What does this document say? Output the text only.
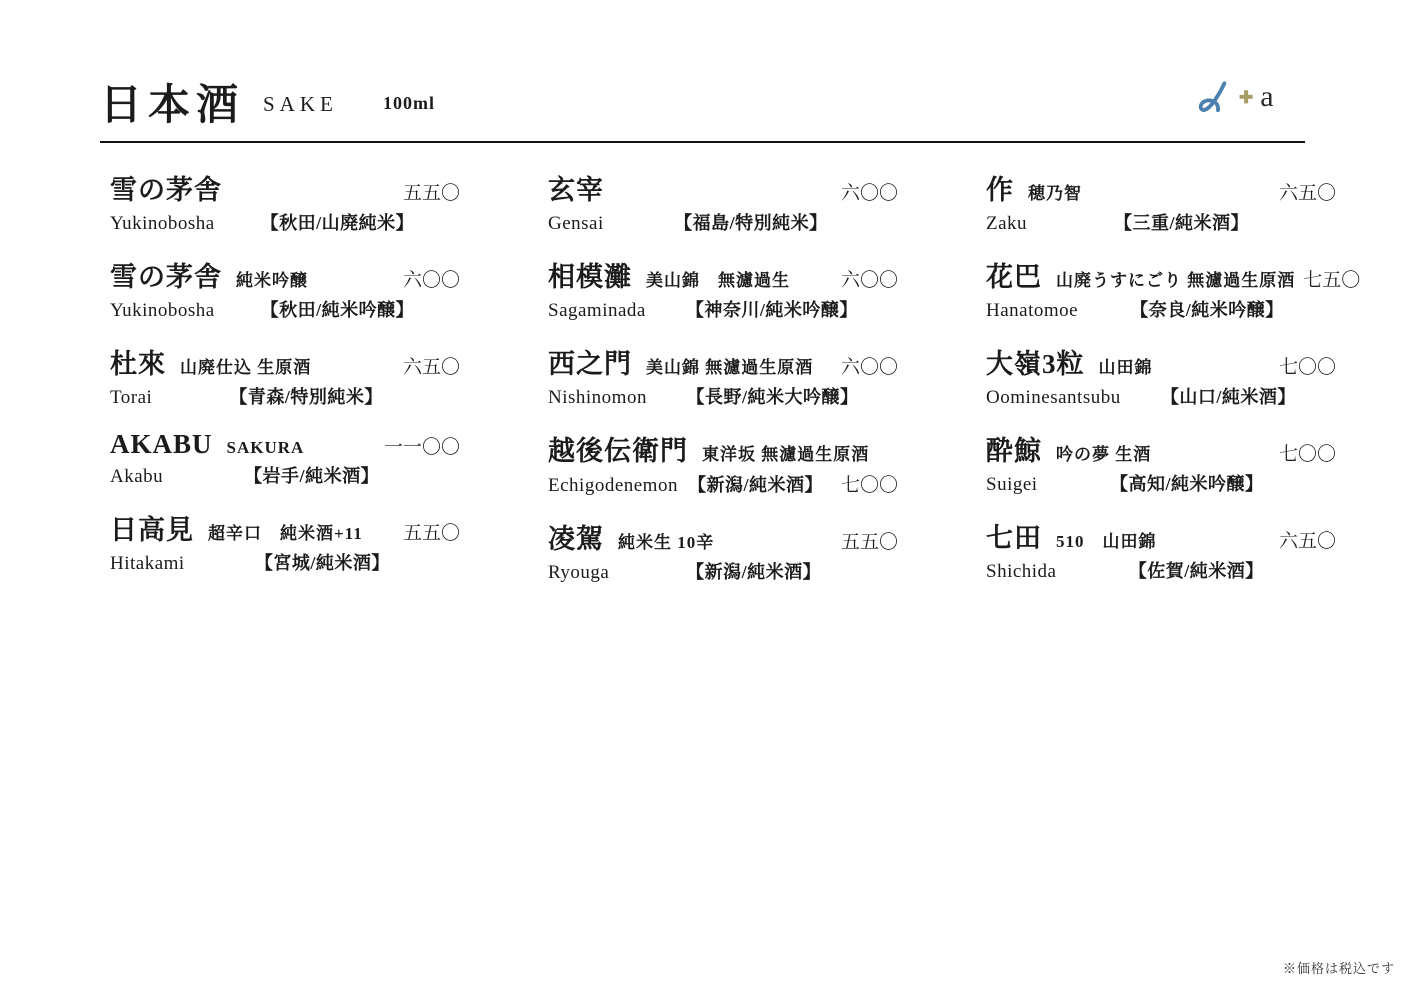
日本酒 SAKE	100ml	✚ a
雪の茅舎	五五〇
Yukinobosha	【秋田/山廃純米】

雪の茅舎 純米吟醸	六〇〇
Yukinobosha	【秋田/純米吟醸】

杜來 山廃仕込 生原酒	六五〇
Torai	【青森/特別純米】

AKABU SAKURA	一一〇〇
Akabu	【岩手/純米酒】

日高見 超辛口　純米酒+11	五五〇
Hitakami	【宮城/純米酒】

玄宰	六〇〇
Gensai	【福島/特別純米】

相模灘 美山錦　無濾過生	六〇〇
Sagaminada	【神奈川/純米吟醸】

西之門 美山錦 無濾過生原酒	六〇〇
Nishinomon	【長野/純米大吟醸】

越後伝衛門 東洋坂 無濾過生原酒
Echigodenemon 【新潟/純米酒】 七〇〇

凌駕 純米生 10辛	五五〇
Ryouga	【新潟/純米酒】

作 穂乃智	六五〇
Zaku	【三重/純米酒】

花巴 山廃うすにごり 無濾過生原酒 七五〇
Hanatomoe	【奈良/純米吟醸】

大嶺3粒 山田錦	七〇〇
Oominesantsubu	【山口/純米酒】

酔鯨 吟の夢 生酒	七〇〇
Suigei	【高知/純米吟醸】

七田 510　山田錦	六五〇
Shichida	【佐賀/純米酒】

※価格は税込です
